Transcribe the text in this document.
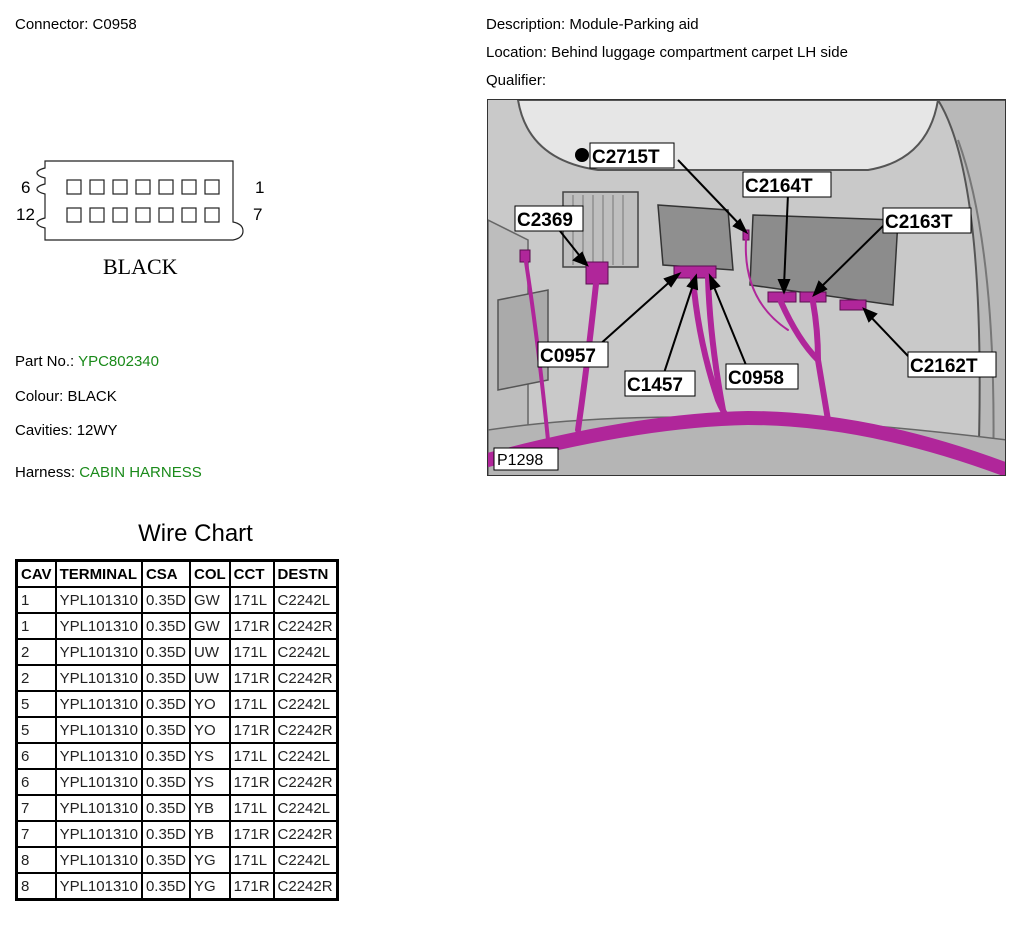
Connector: C0958	Description: Module-Parking aid
Location: Behind luggage compartment carpet LH side
Qualifier:
6
12
1
7
BLACK
Part No.: YPC802340
Colour: BLACK
Cavities: 12WY
Harness: CABIN HARNESS
C2715T
C2164T
C2369	C2163T
C0957
C1457 C0958
C2162T
P1298
Wire Chart
CAV	TERMINAL	CSA	COL	CCT	DESTN
1	YPL101310	0.35D	GW	171L	C2242L
1	YPL101310	0.35D	GW	171R	C2242R
2	YPL101310	0.35D	UW	171L	C2242L
2	YPL101310	0.35D	UW	171R	C2242R
5	YPL101310	0.35D	YO	171L	C2242L
5	YPL101310	0.35D	YO	171R	C2242R
6	YPL101310	0.35D	YS	171L	C2242L
6	YPL101310	0.35D	YS	171R	C2242R
7	YPL101310	0.35D	YB	171L	C2242L
7	YPL101310	0.35D	YB	171R	C2242R
8	YPL101310	0.35D	YG	171L	C2242L
8	YPL101310	0.35D	YG	171R	C2242R
